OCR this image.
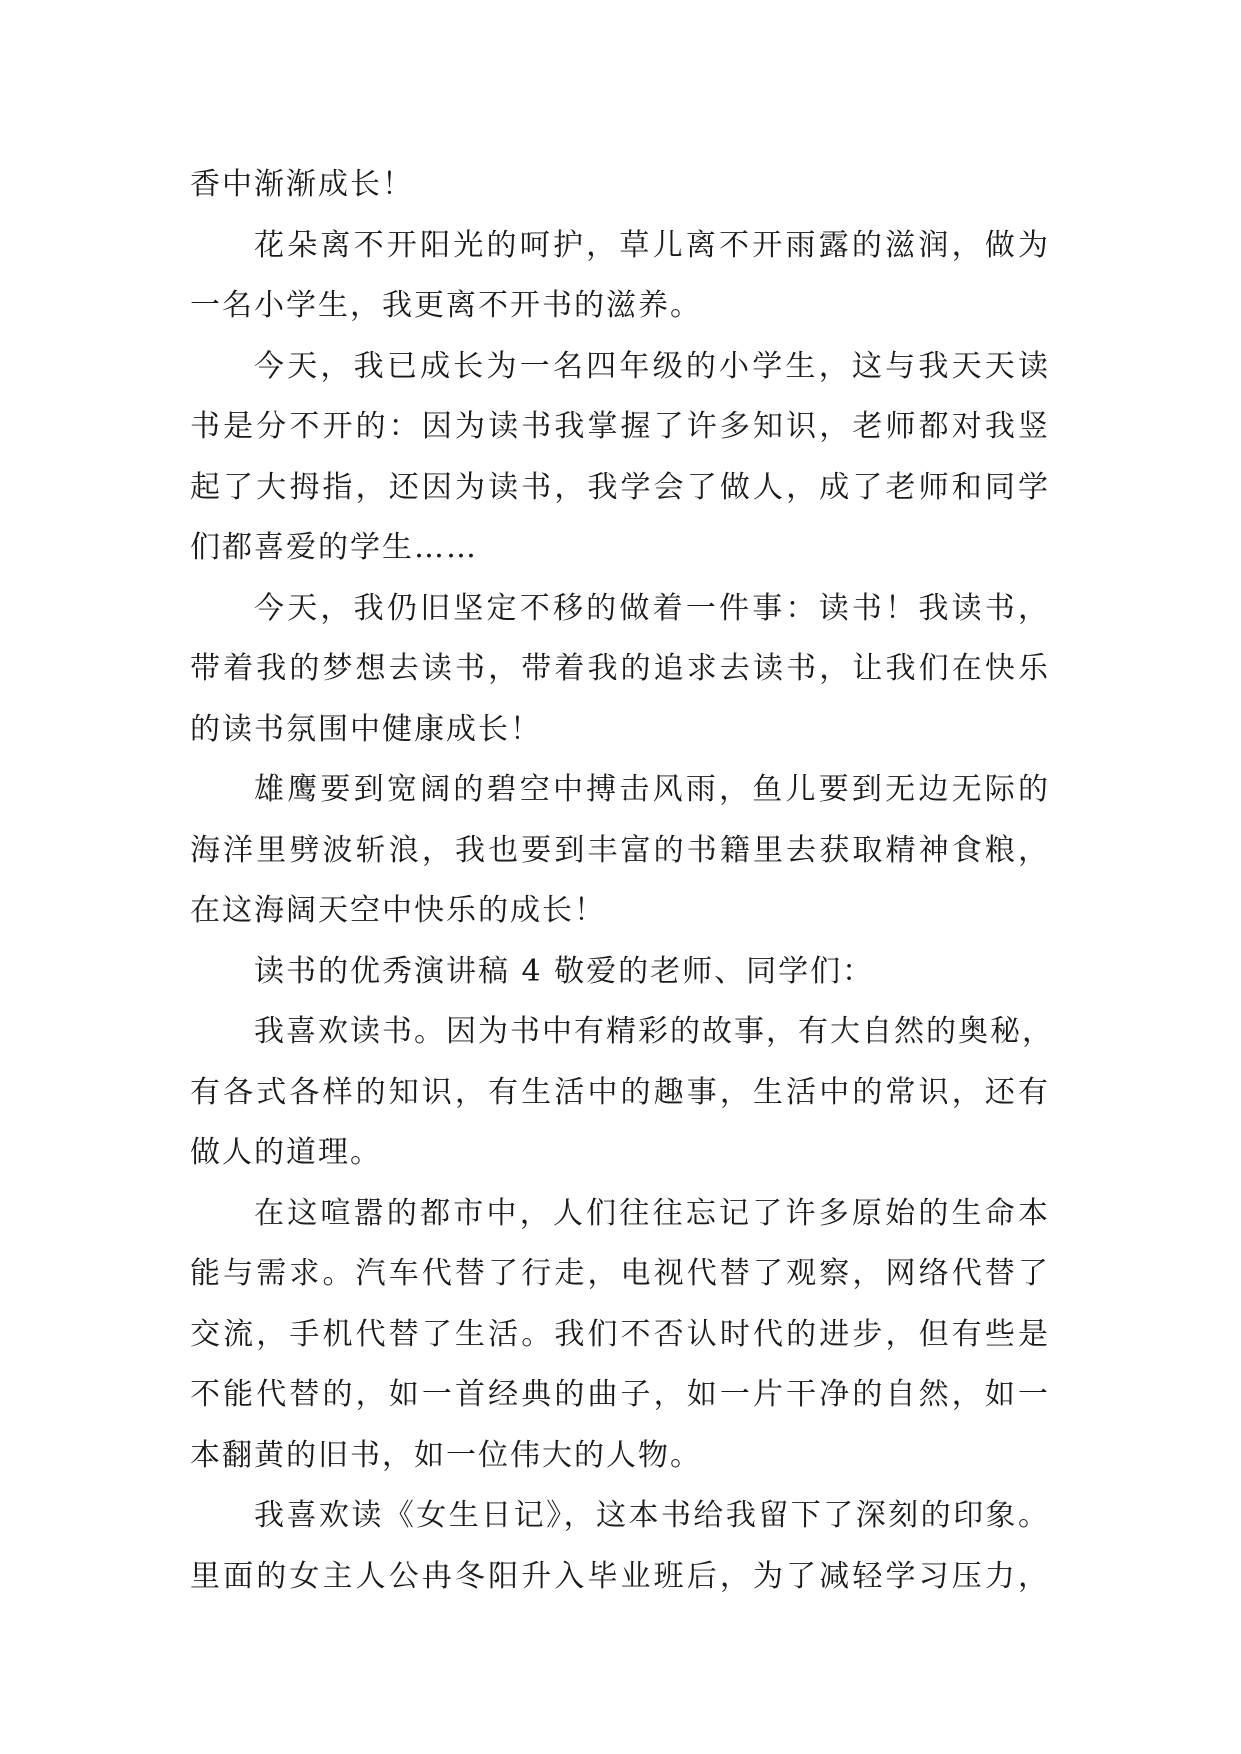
香中渐渐成长！
花朵离不开阳光的呵护，草儿离不开雨露的滋润，做为
一名小学生，我更离不开书的滋养。
今天，我已成长为一名四年级的小学生，这与我天天读
书是分不开的：因为读书我掌握了许多知识，老师都对我竖
起了大拇指，还因为读书，我学会了做人，成了老师和同学
们都喜爱的学生……
今天，我仍旧坚定不移的做着一件事：读书！我读书，
带着我的梦想去读书，带着我的追求去读书，让我们在快乐
的读书氛围中健康成长！
雄鹰要到宽阔的碧空中搏击风雨，鱼儿要到无边无际的
海洋里劈波斩浪，我也要到丰富的书籍里去获取精神食粮，
在这海阔天空中快乐的成长！
读书的优秀演讲稿 4 敬爱的老师、同学们：
我喜欢读书。因为书中有精彩的故事，有大自然的奥秘，
有各式各样的知识，有生活中的趣事，生活中的常识，还有
做人的道理。
在这喧嚣的都市中，人们往往忘记了许多原始的生命本
能与需求。汽车代替了行走，电视代替了观察，网络代替了
交流，手机代替了生活。我们不否认时代的进步，但有些是
不能代替的，如一首经典的曲子，如一片干净的自然，如一
本翻黄的旧书，如一位伟大的人物。
我喜欢读《女生日记》，这本书给我留下了深刻的印象。
里面的女主人公冉冬阳升入毕业班后，为了减轻学习压力，
